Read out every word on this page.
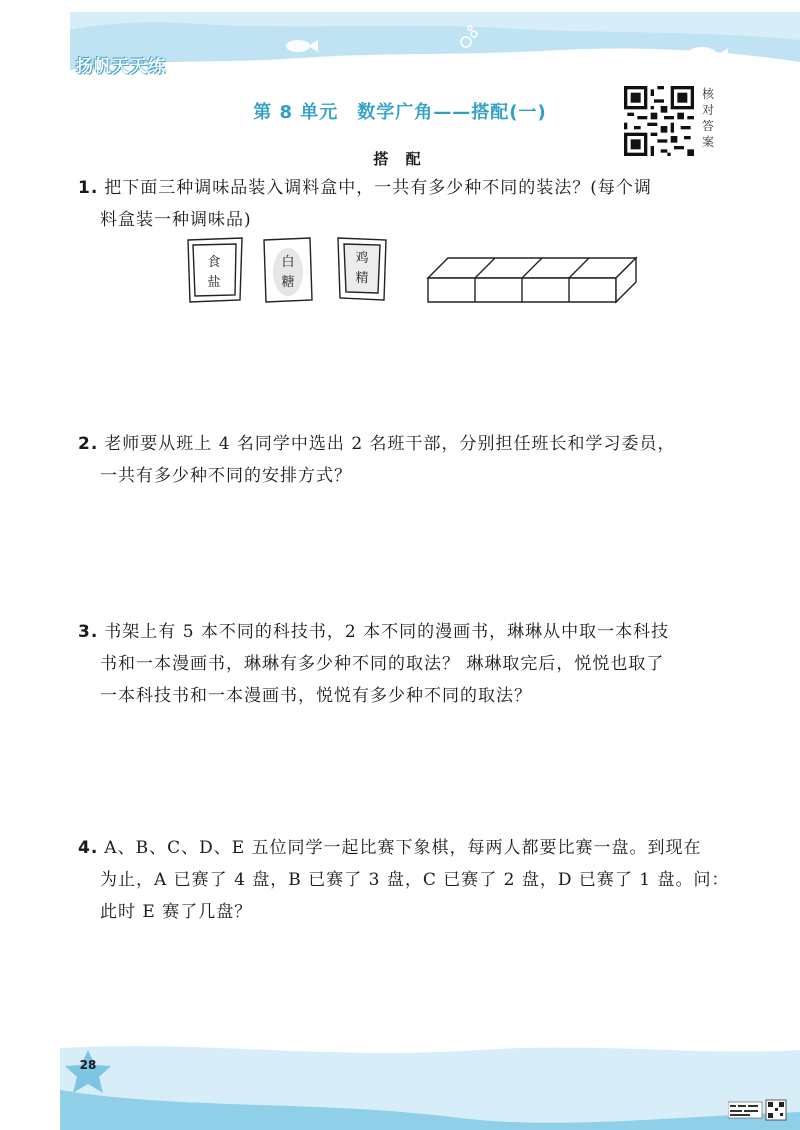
扬帆天天练
第 8 单元　数学广角——搭配(一)
核
对
答
案
搭 配
1. 把下面三种调味品装入调料盒中，一共有多少种不同的装法？(每个调
料盒装一种调味品)
食
盐
白
糖
鸡
精
2. 老师要从班上 4 名同学中选出 2 名班干部，分别担任班长和学习委员，
一共有多少种不同的安排方式？
3. 书架上有 5 本不同的科技书，2 本不同的漫画书，琳琳从中取一本科技
书和一本漫画书，琳琳有多少种不同的取法？ 琳琳取完后，悦悦也取了
一本科技书和一本漫画书，悦悦有多少种不同的取法？
4. A、B、C、D、E 五位同学一起比赛下象棋，每两人都要比赛一盘。到现在
为止，A 已赛了 4 盘，B 已赛了 3 盘，C 已赛了 2 盘，D 已赛了 1 盘。问：
此时 E 赛了几盘？
28
